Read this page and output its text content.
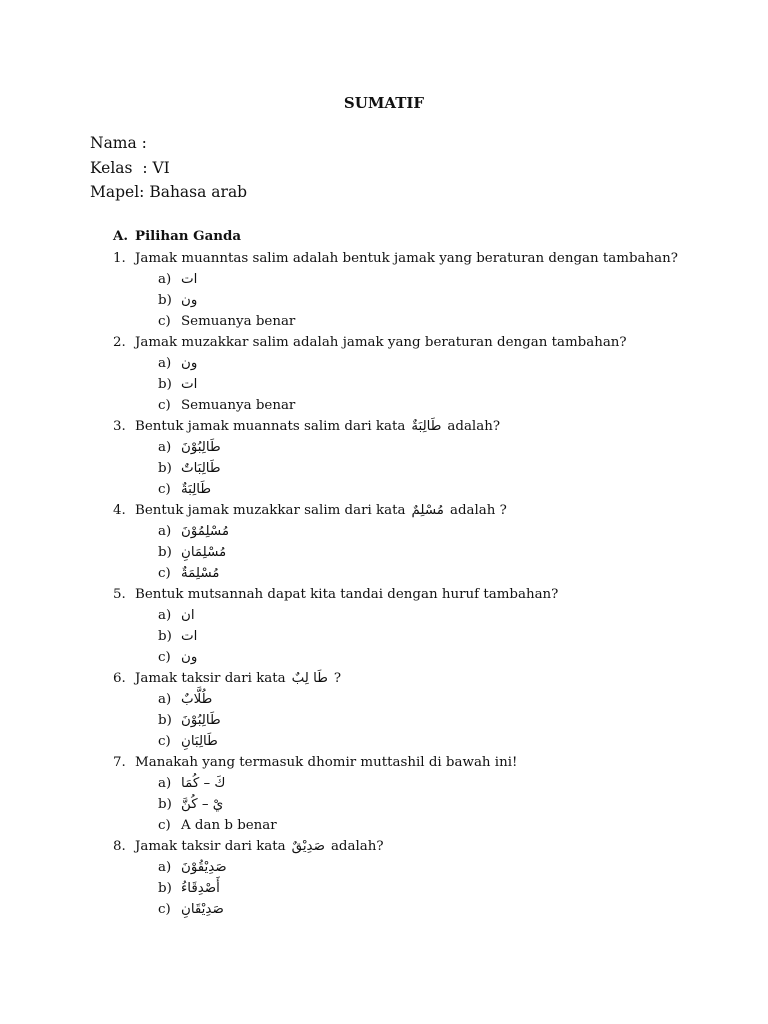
SUMATIF
Nama :
Kelas  : VI
Mapel: Bahasa arab
A. Pilihan Ganda
1. Jamak muanntas salim adalah bentuk jamak yang beraturan dengan tambahan?
a) ات
b) ون
c) Semuanya benar
2. Jamak muzakkar salim adalah jamak yang beraturan dengan tambahan?
a) ون
b) ات
c) Semuanya benar
3. Bentuk jamak muannats salim dari kata طَالِبَةٌ adalah?
a) طَالِبُوْنَ
b) طَالِبَاتٌ
c) طَالِبَةٌ
4. Bentuk jamak muzakkar salim dari kata مُسْلِمٌ adalah ?
a) مُسْلِمُوْنَ
b) مُسْلِمَانِ
c) مُسْلِمَةٌ
5. Bentuk mutsannah dapat kita tandai dengan huruf tambahan?
a) ان
b) ات
c) ون
6. Jamak taksir dari kata طَا لِبٌ ?
a) طُلَّابٌ
b) طَالِبُوْنَ
c) طَالِبَانِ
7. Manakah yang termasuk dhomir muttashil di bawah ini!
a) كَ – كُمَا
b) يْ – كُنَّ
c) A dan b benar
8. Jamak taksir dari kata صَدِيْقٌ adalah?
a) صَدِيْقُوْنَ
b) أَصْدِقَاءُ
c) صَدِيْقَانِ
